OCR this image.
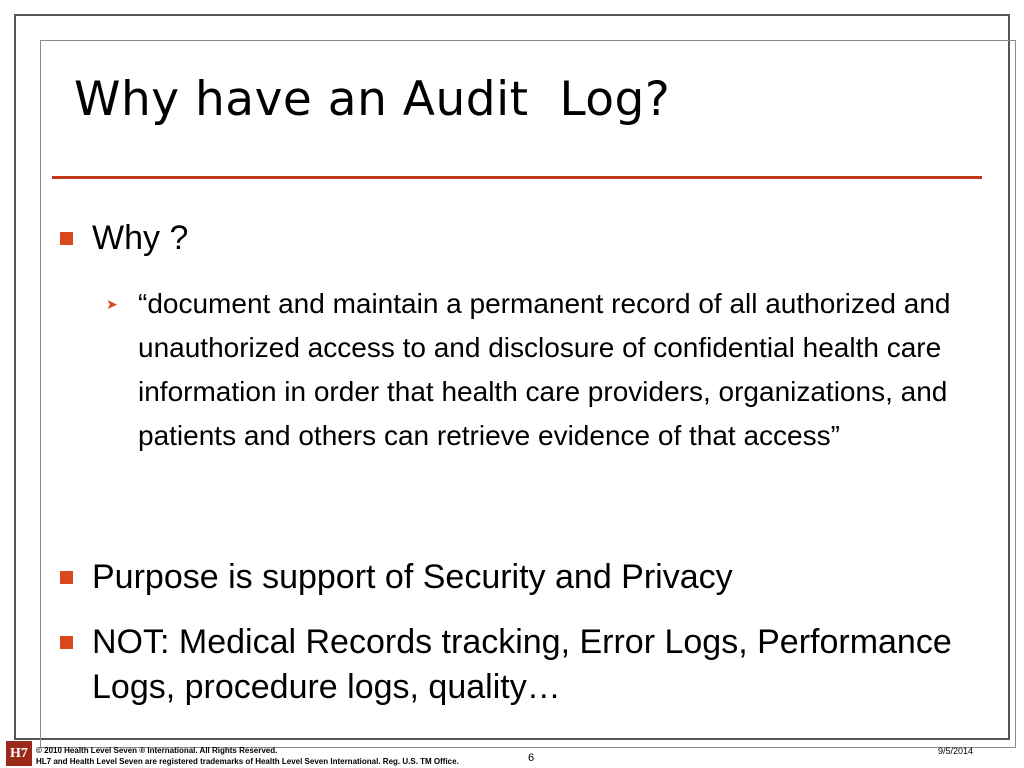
Why have an Audit  Log?
Why ?
➤ “document and maintain a permanent record of all authorized and unauthorized access to and disclosure of confidential health care information in order that health care providers, organizations, and patients and others can retrieve evidence of that access”
Purpose is support of Security and Privacy
NOT: Medical Records tracking, Error Logs, Performance Logs, procedure logs, quality…
H7	© 2010 Health Level Seven ® International. All Rights Reserved.
HL7 and Health Level Seven are registered trademarks of Health Level Seven International. Reg. U.S. TM Office.	6
9/5/2014
